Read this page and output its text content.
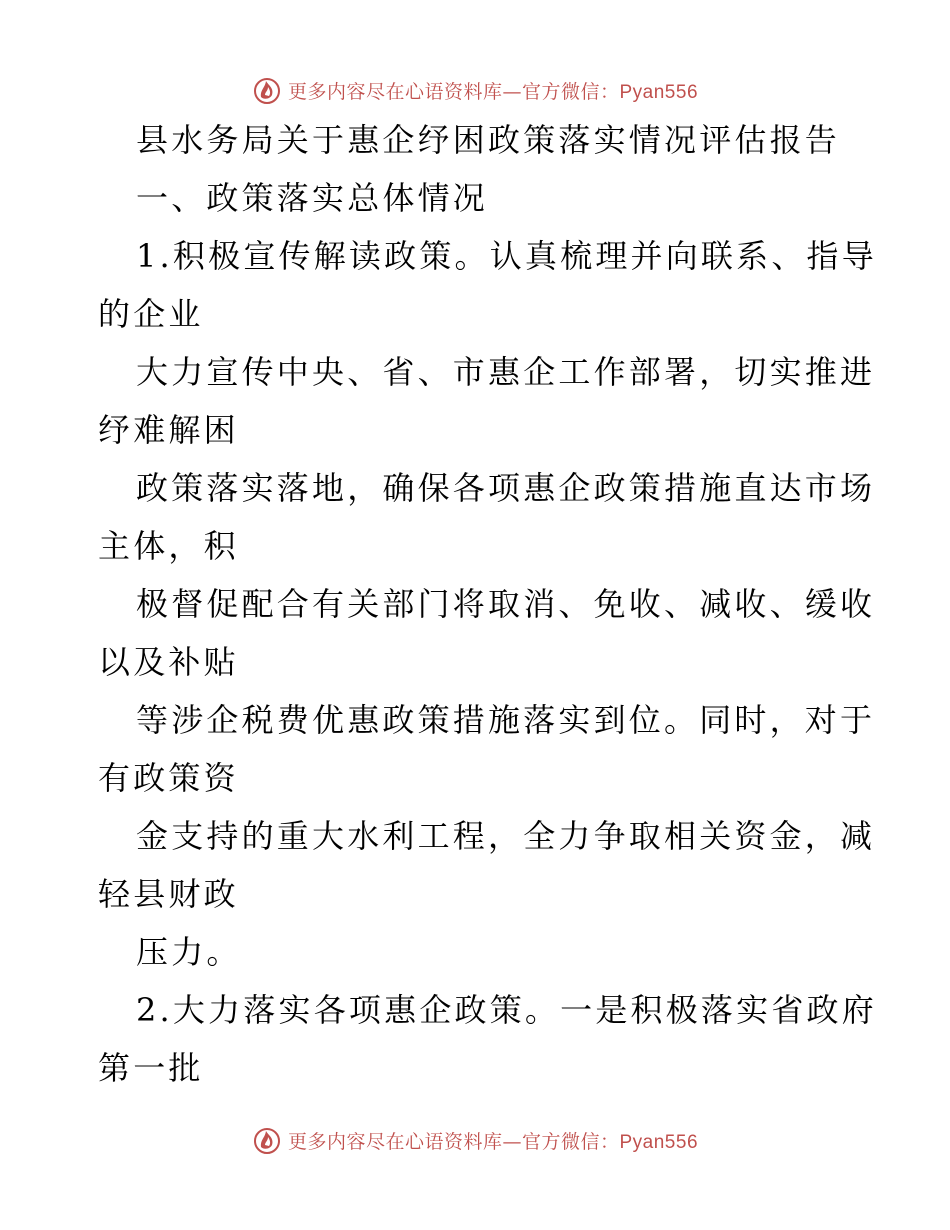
更多内容尽在心语资料库—官方微信：Pyan556
县水务局关于惠企纾困政策落实情况评估报告
一、政策落实总体情况
1.积极宣传解读政策。认真梳理并向联系、指导
的企业
大力宣传中央、省、市惠企工作部署，切实推进
纾难解困
政策落实落地，确保各项惠企政策措施直达市场
主体，积
极督促配合有关部门将取消、免收、减收、缓收
以及补贴
等涉企税费优惠政策措施落实到位。同时，对于
有政策资
金支持的重大水利工程，全力争取相关资金，减
轻县财政
压力。
2.大力落实各项惠企政策。一是积极落实省政府
第一批
更多内容尽在心语资料库—官方微信：Pyan556
